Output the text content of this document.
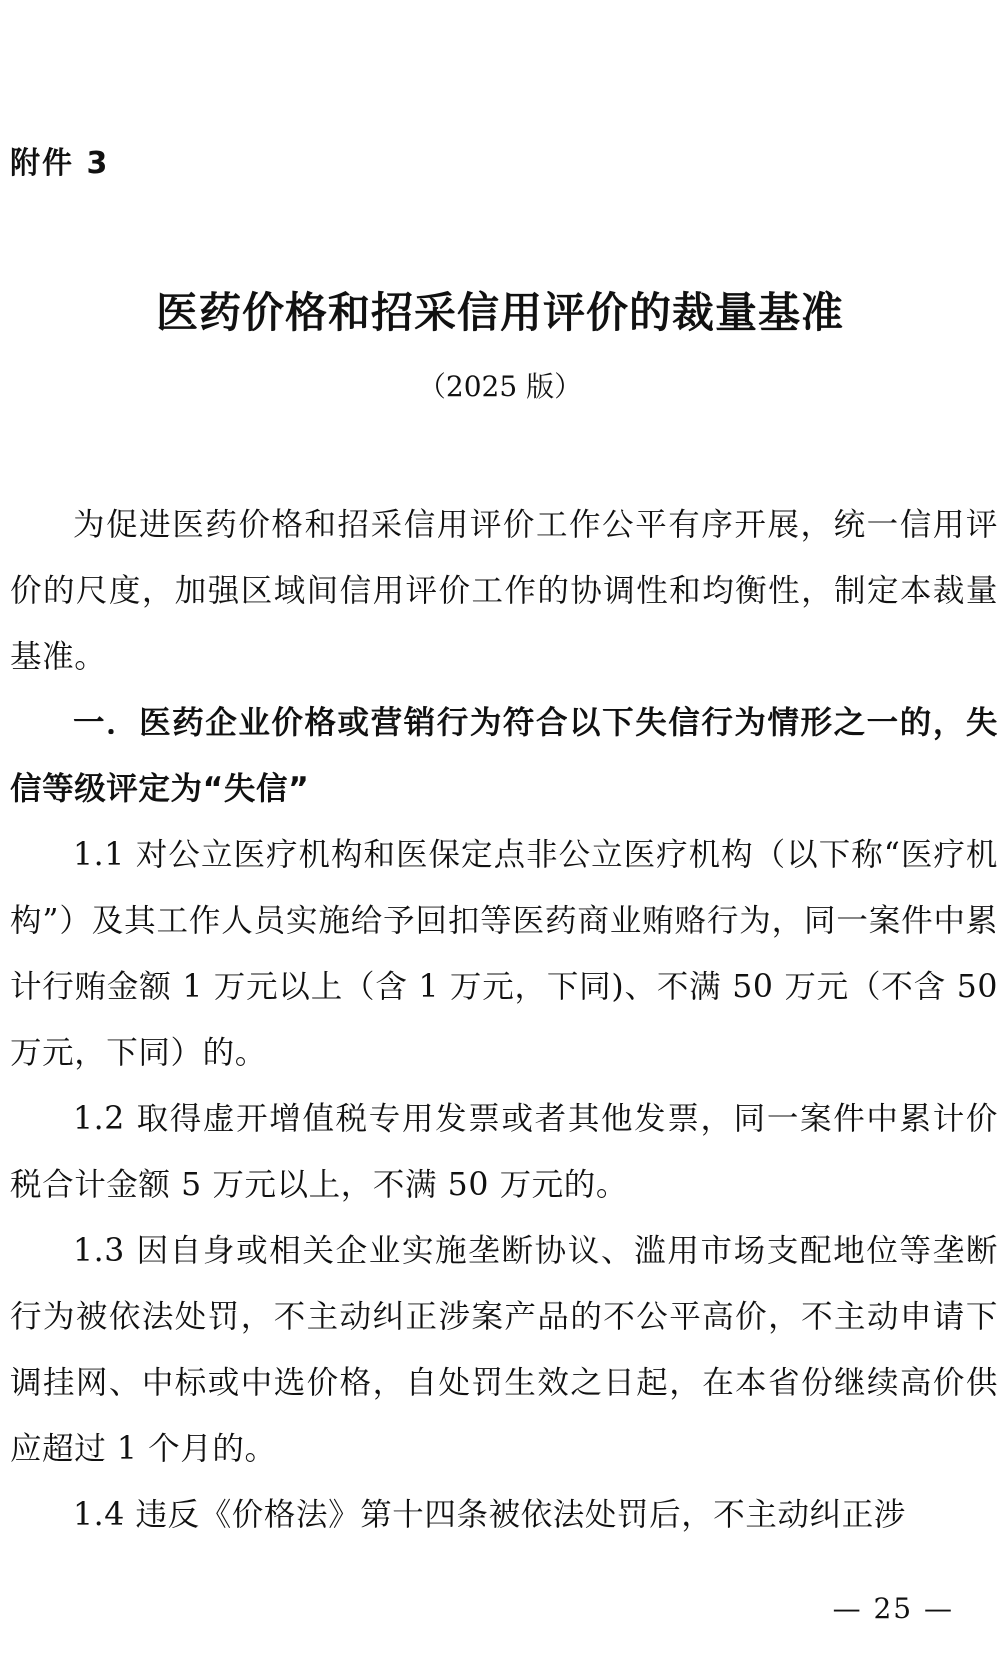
附件 3
医药价格和招采信用评价的裁量基准
（2025 版）

为促进医药价格和招采信用评价工作公平有序开展，统一信用评价的尺度，加强区域间信用评价工作的协调性和均衡性，制定本裁量基准。

一．医药企业价格或营销行为符合以下失信行为情形之一的，失信等级评定为“失信”

1.1 对公立医疗机构和医保定点非公立医疗机构（以下称“医疗机构”）及其工作人员实施给予回扣等医药商业贿赂行为，同一案件中累计行贿金额 1 万元以上（含 1 万元，下同)、不满 50 万元（不含 50 万元，下同）的。

1.2 取得虚开增值税专用发票或者其他发票，同一案件中累计价税合计金额 5 万元以上，不满 50 万元的。

1.3 因自身或相关企业实施垄断协议、滥用市场支配地位等垄断行为被依法处罚，不主动纠正涉案产品的不公平高价，不主动申请下调挂网、中标或中选价格，自处罚生效之日起，在本省份继续高价供应超过 1 个月的。

1.4 违反《价格法》第十四条被依法处罚后，不主动纠正涉

— 25 —
